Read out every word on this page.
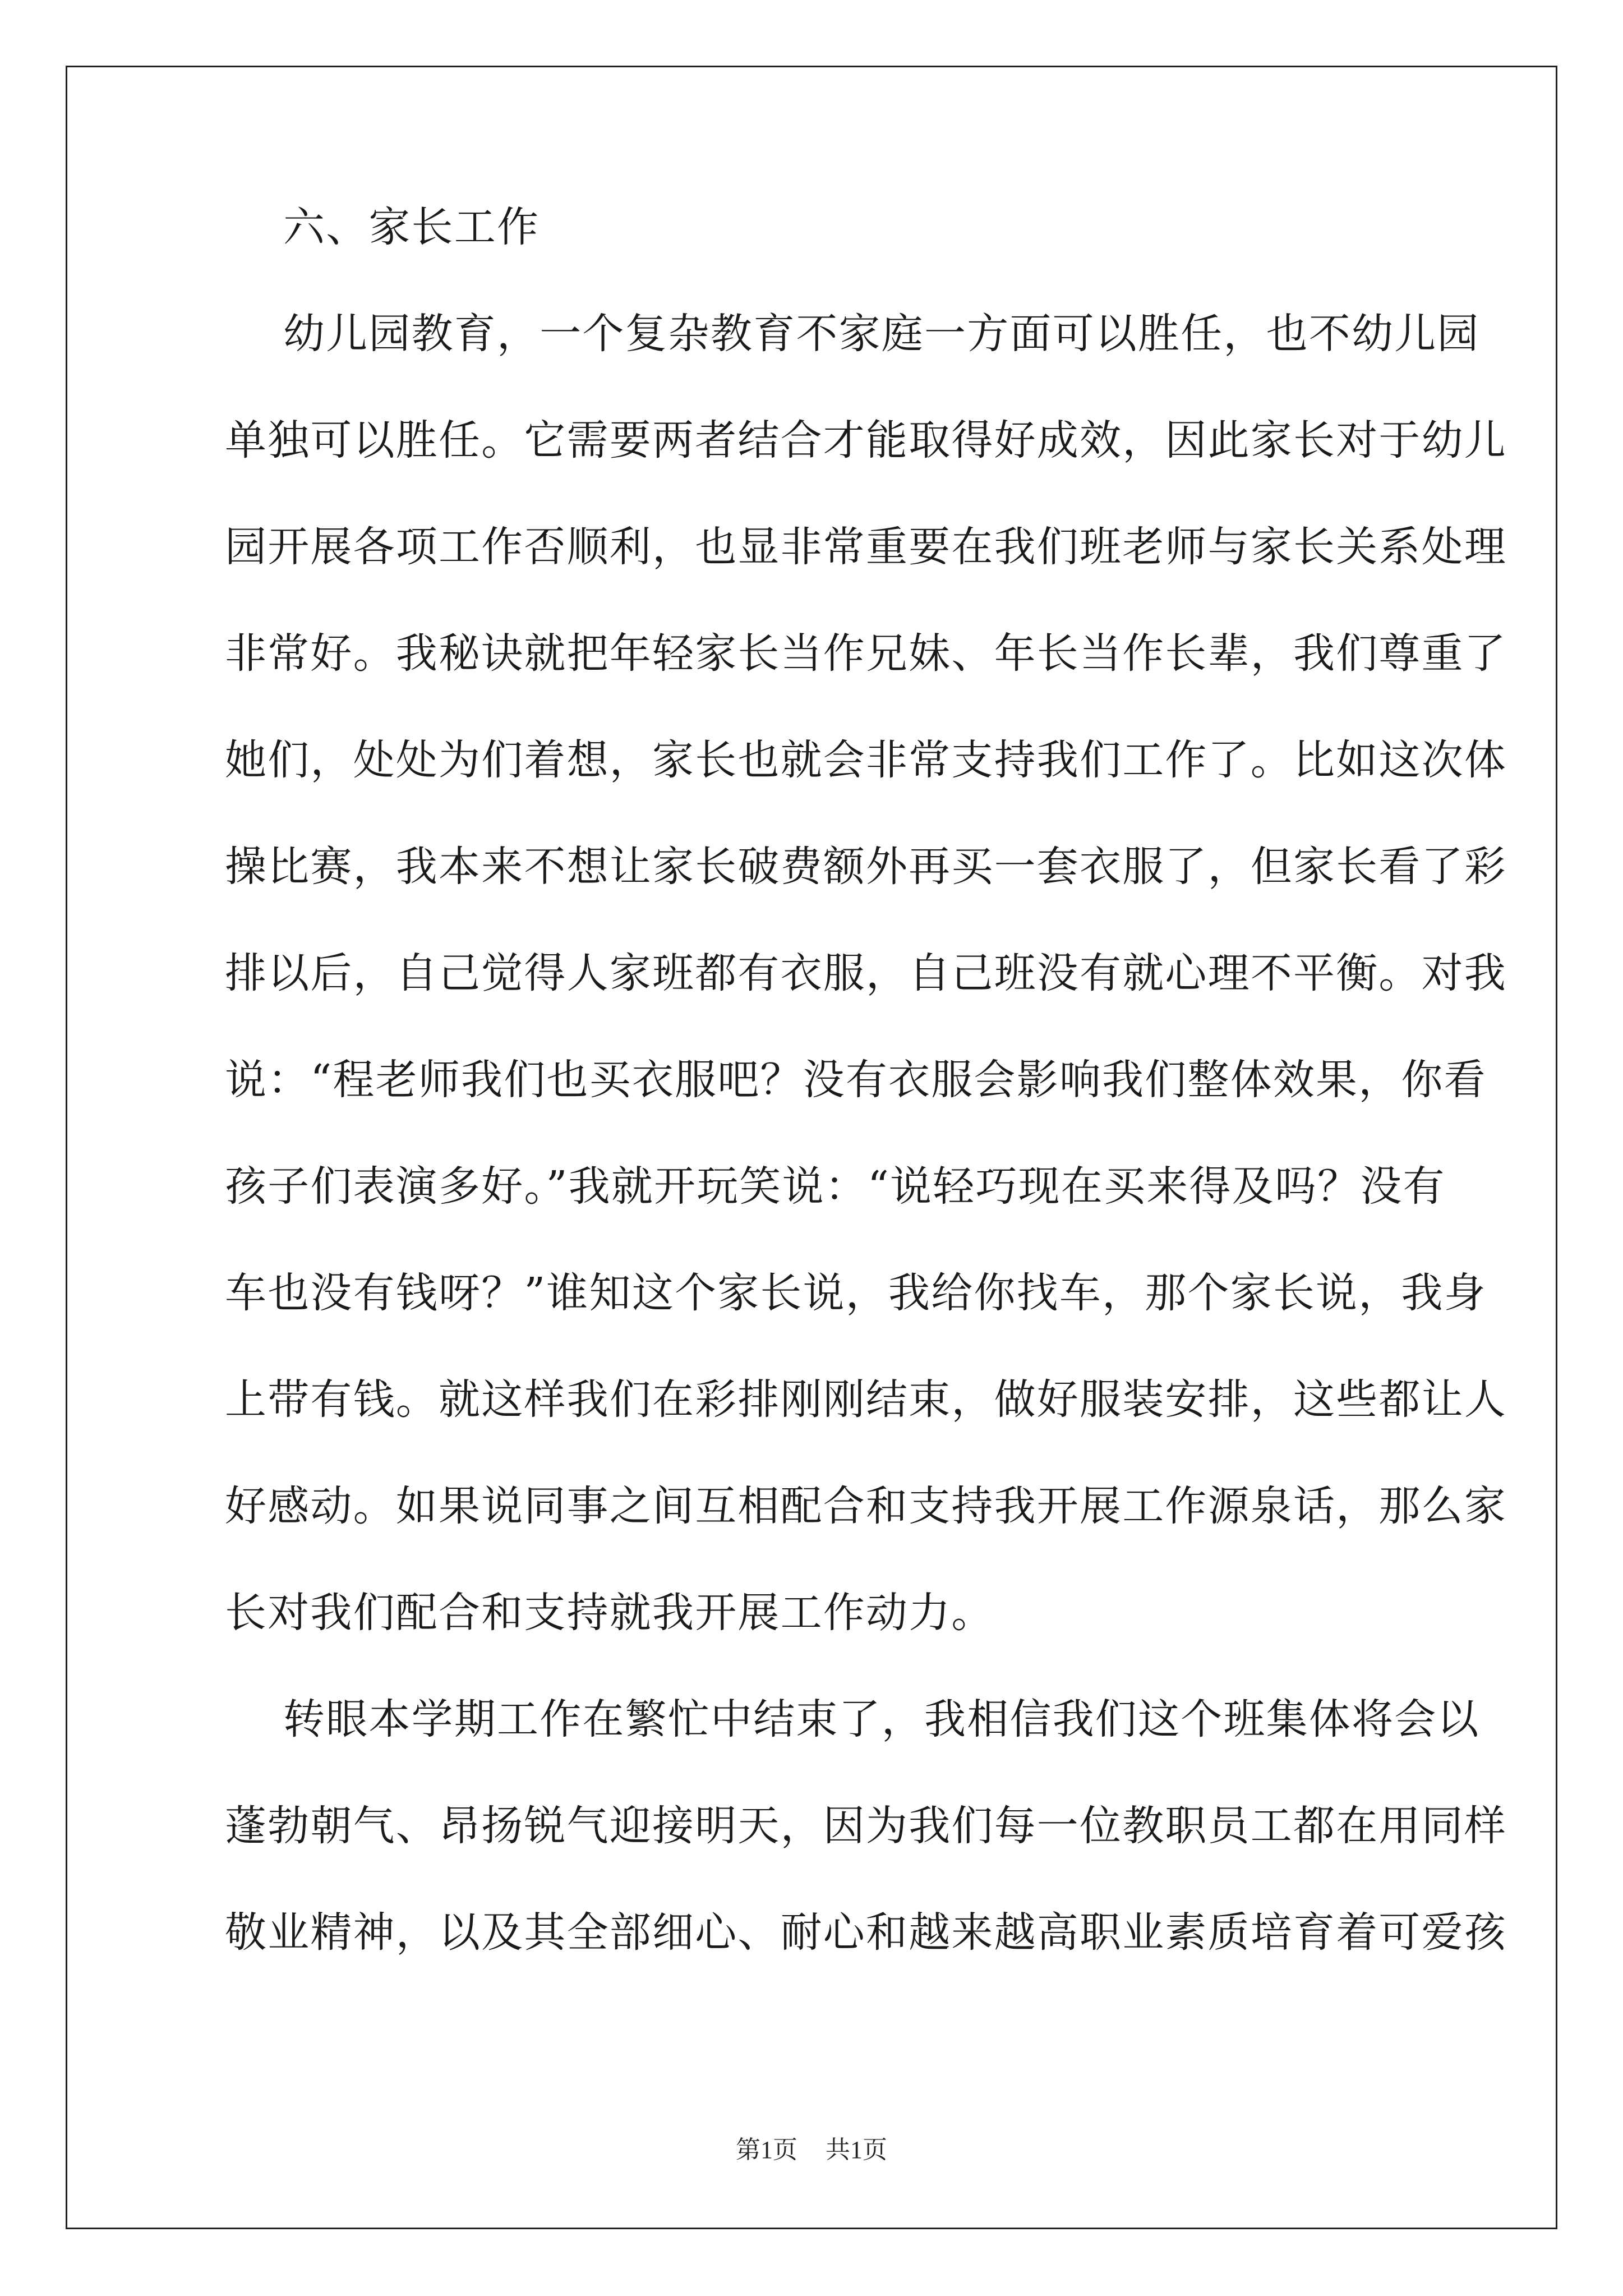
六、家长工作
幼儿园教育，一个复杂教育不家庭一方面可以胜任，也不幼儿园
单独可以胜任。它需要两者结合才能取得好成效，因此家长对于幼儿
园开展各项工作否顺利，也显非常重要在我们班老师与家长关系处理
非常好。我秘诀就把年轻家长当作兄妹、年长当作长辈，我们尊重了
她们，处处为们着想，家长也就会非常支持我们工作了。比如这次体
操比赛，我本来不想让家长破费额外再买一套衣服了，但家长看了彩
排以后，自己觉得人家班都有衣服，自己班没有就心理不平衡。对我
说：“程老师我们也买衣服吧？没有衣服会影响我们整体效果，你看
孩子们表演多好。”我就开玩笑说：“说轻巧现在买来得及吗？没有
车也没有钱呀？”谁知这个家长说，我给你找车，那个家长说，我身
上带有钱。就这样我们在彩排刚刚结束，做好服装安排，这些都让人
好感动。如果说同事之间互相配合和支持我开展工作源泉话，那么家
长对我们配合和支持就我开展工作动力。
转眼本学期工作在繁忙中结束了，我相信我们这个班集体将会以
蓬勃朝气、昂扬锐气迎接明天，因为我们每一位教职员工都在用同样
敬业精神，以及其全部细心、耐心和越来越高职业素质培育着可爱孩
第1页 共1页
